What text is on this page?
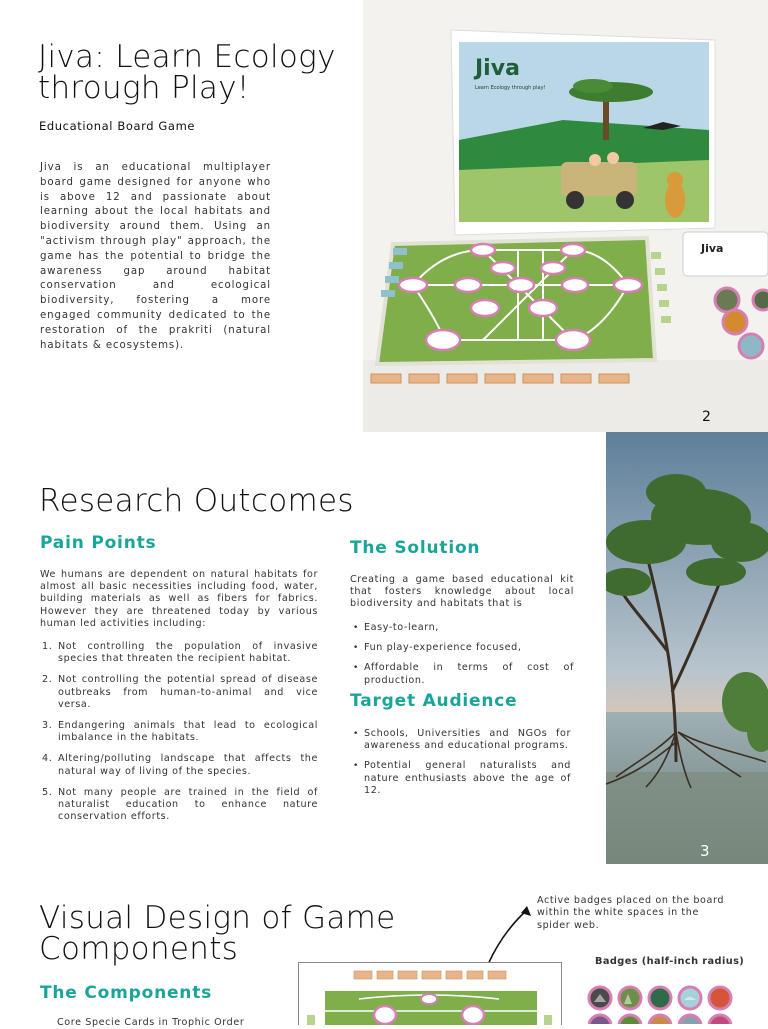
Jiva: Learn Ecology through Play!
Educational Board Game
Jiva is an educational multiplayer board game designed for anyone who is above 12 and passionate about learning about the local habitats and biodiversity around them. Using an "activism through play" approach, the game has the potential to bridge the awareness gap around habitat conservation and ecological biodiversity, fostering a more engaged community dedicated to the restoration of the prakriti (natural habitats & ecosystems).
Jiva
Learn Ecology through play!
Jiva
2
Research Outcomes
Pain Points
We humans are dependent on natural habitats for almost all basic necessities including food, water, building materials as well as fibers for fabrics. However they are threatened today by various human led activities including:
1. Not controlling the population of invasive species that threaten the recipient habitat.
2. Not controlling the potential spread of disease outbreaks from human-to-animal and vice versa.
3. Endangering animals that lead to ecological imbalance in the habitats.
4. Altering/polluting landscape that affects the natural way of living of the species.
5. Not many people are trained in the field of naturalist education to enhance nature conservation efforts.
The Solution
Creating a game based educational kit that fosters knowledge about local biodiversity and habitats that is
• Easy-to-learn,
• Fun play-experience focused,
• Affordable in terms of cost of production.
Target Audience
• Schools, Universities and NGOs for awareness and educational programs.
• Potential general naturalists and nature enthusiasts above the age of 12.
3
Visual Design of Game Components
The Components
Core Specie Cards in Trophic Order
Active badges placed on the board within the white spaces in the spider web.
Badges (half-inch radius)
